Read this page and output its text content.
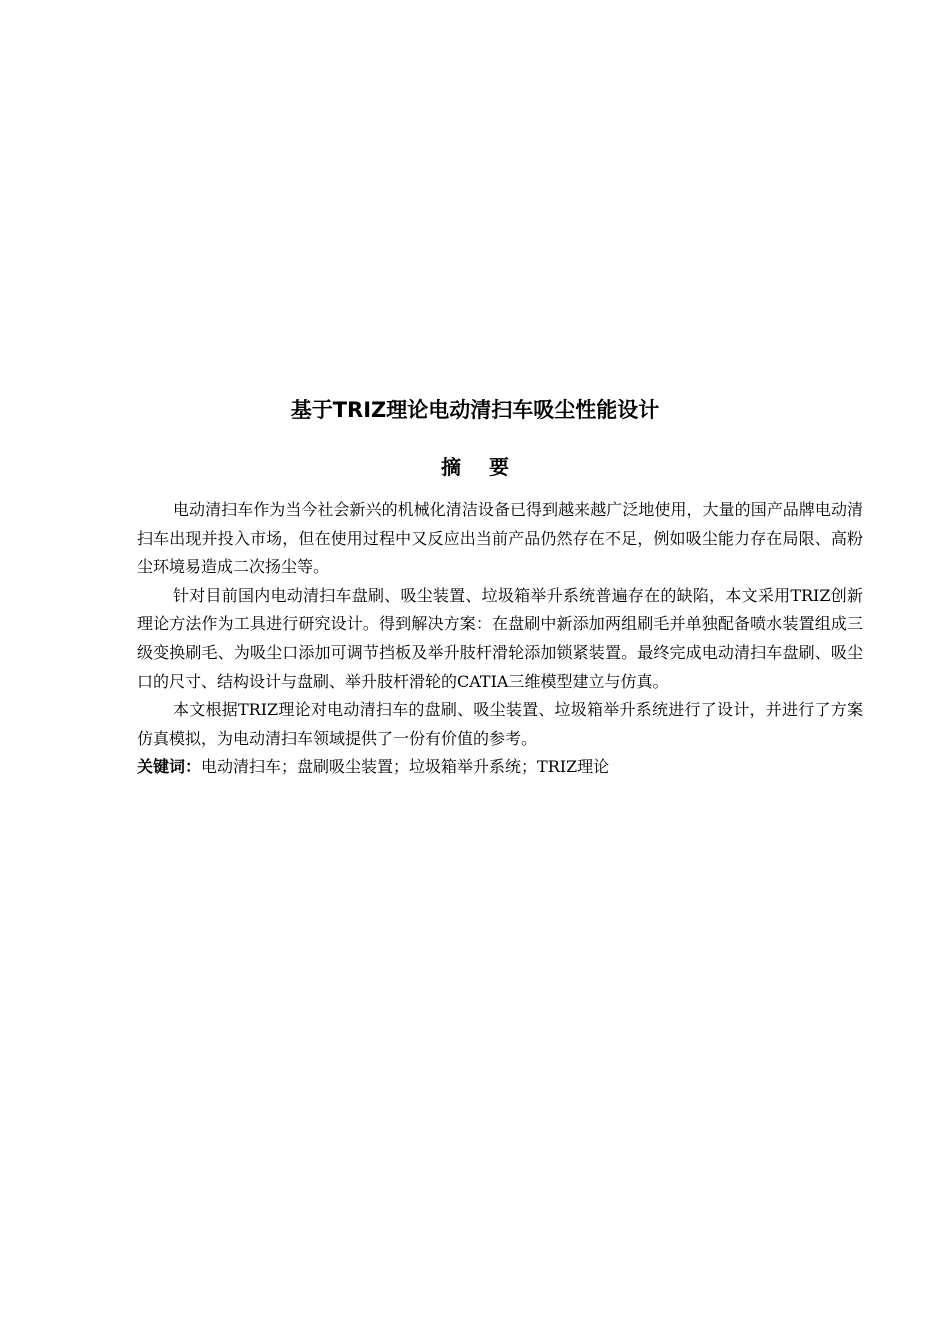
基于TRIZ理论电动清扫车吸尘性能设计
摘要

电动清扫车作为当今社会新兴的机械化清洁设备已得到越来越广泛地使用，大量的国产品牌电动清扫车出现并投入市场，但在使用过程中又反应出当前产品仍然存在不足，例如吸尘能力存在局限、高粉尘环境易造成二次扬尘等。

针对目前国内电动清扫车盘刷、吸尘装置、垃圾箱举升系统普遍存在的缺陷，本文采用TRIZ创新理论方法作为工具进行研究设计。得到解决方案：在盘刷中新添加两组刷毛并单独配备喷水装置组成三级变换刷毛、为吸尘口添加可调节挡板及举升肢杆滑轮添加锁紧装置。最终完成电动清扫车盘刷、吸尘口的尺寸、结构设计与盘刷、举升肢杆滑轮的CATIA三维模型建立与仿真。

本文根据TRIZ理论对电动清扫车的盘刷、吸尘装置、垃圾箱举升系统进行了设计，并进行了方案仿真模拟，为电动清扫车领域提供了一份有价值的参考。

关键词：电动清扫车；盘刷吸尘装置；垃圾箱举升系统；TRIZ理论
